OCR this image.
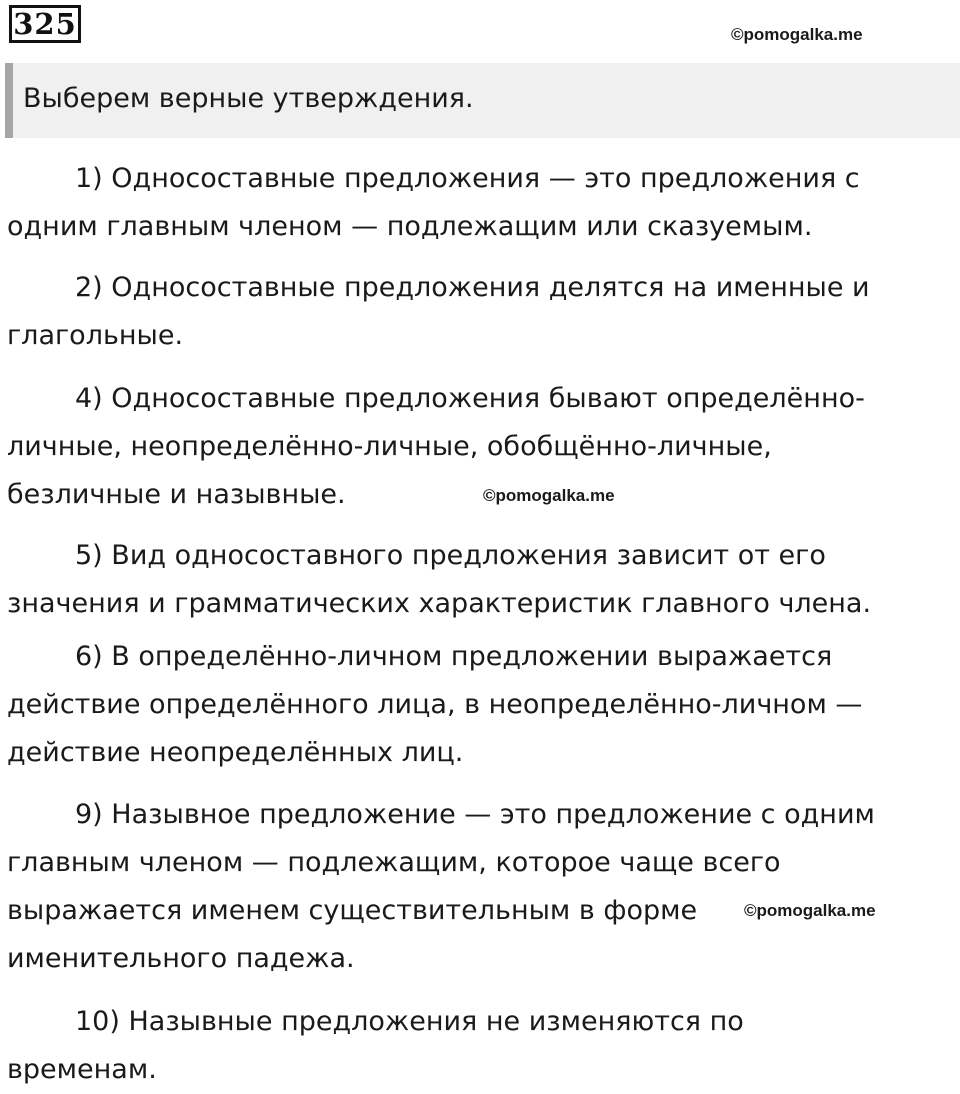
325	©pomogalka.me
Выберем верные утверждения.
1) Односоставные предложения — это предложения с
одним главным членом — подлежащим или сказуемым.
2) Односоставные предложения делятся на именные и
глагольные.
4) Односоставные предложения бывают определённо-
личные, неопределённо-личные, обобщённо-личные,
безличные и назывные.	©pomogalka.me
5) Вид односоставного предложения зависит от его
значения и грамматических характеристик главного члена.
6) В определённо-личном предложении выражается
действие определённого лица, в неопределённо-личном —
действие неопределённых лиц.
9) Назывное предложение — это предложение с одним
главным членом — подлежащим, которое чаще всего
выражается именем существительным в форме
именительного падежа.
©pomogalka.me
10) Назывные предложения не изменяются по
временам.
